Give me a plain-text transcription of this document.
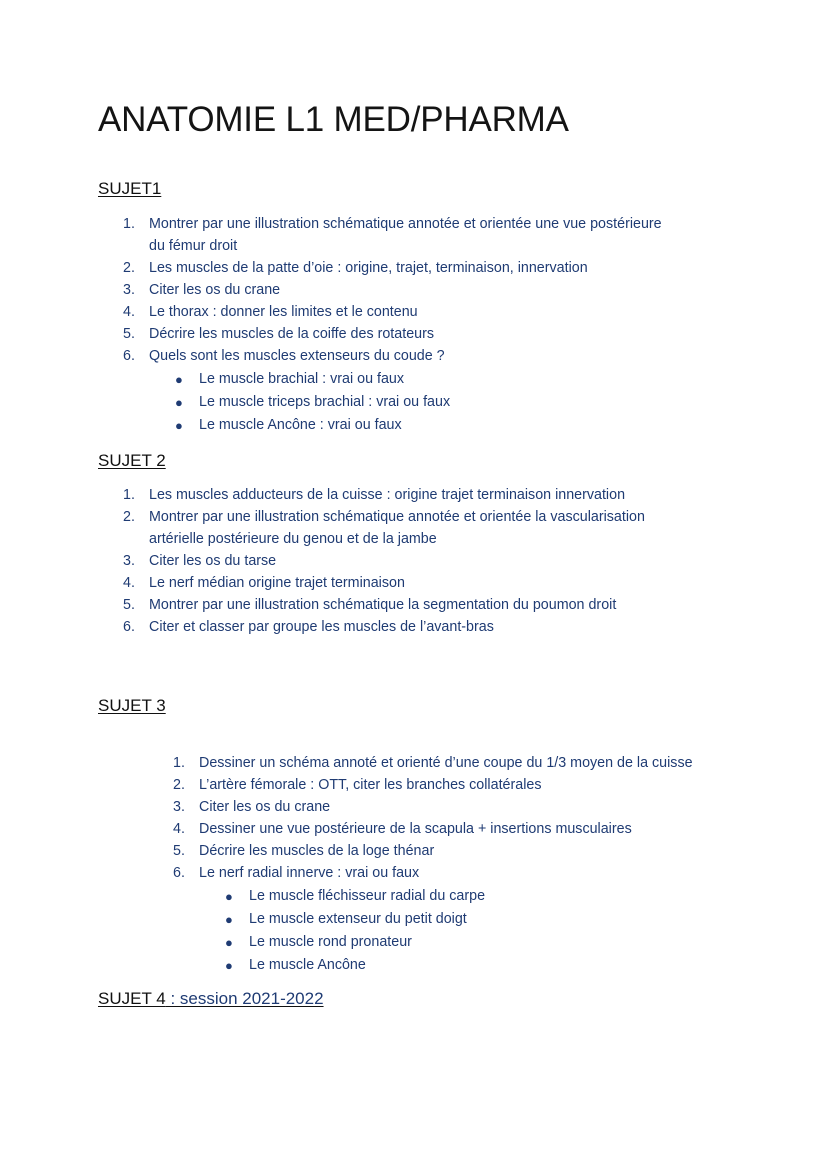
ANATOMIE L1 MED/PHARMA
SUJET1
1. Montrer par une illustration schématique annotée et orientée une vue postérieure
du fémur droit
2. Les muscles de la patte d’oie : origine, trajet, terminaison, innervation
3. Citer les os du crane
4. Le thorax : donner les limites et le contenu
5. Décrire les muscles de la coiffe des rotateurs
6. Quels sont les muscles extenseurs du coude ?
● Le muscle brachial : vrai ou faux
● Le muscle triceps brachial : vrai ou faux
● Le muscle Ancône : vrai ou faux
SUJET 2
1. Les muscles adducteurs de la cuisse : origine trajet terminaison innervation
2. Montrer par une illustration schématique annotée et orientée la vascularisation
artérielle postérieure du genou et de la jambe
3. Citer les os du tarse
4. Le nerf médian origine trajet terminaison
5. Montrer par une illustration schématique la segmentation du poumon droit
6. Citer et classer par groupe les muscles de l’avant-bras
SUJET 3
1. Dessiner un schéma annoté et orienté d’une coupe du 1/3 moyen de la cuisse
2. L’artère fémorale : OTT, citer les branches collatérales
3. Citer les os du crane
4. Dessiner une vue postérieure de la scapula + insertions musculaires
5. Décrire les muscles de la loge thénar
6. Le nerf radial innerve : vrai ou faux
● Le muscle fléchisseur radial du carpe
● Le muscle extenseur du petit doigt
● Le muscle rond pronateur
● Le muscle Ancône
SUJET 4 : session 2021-2022
